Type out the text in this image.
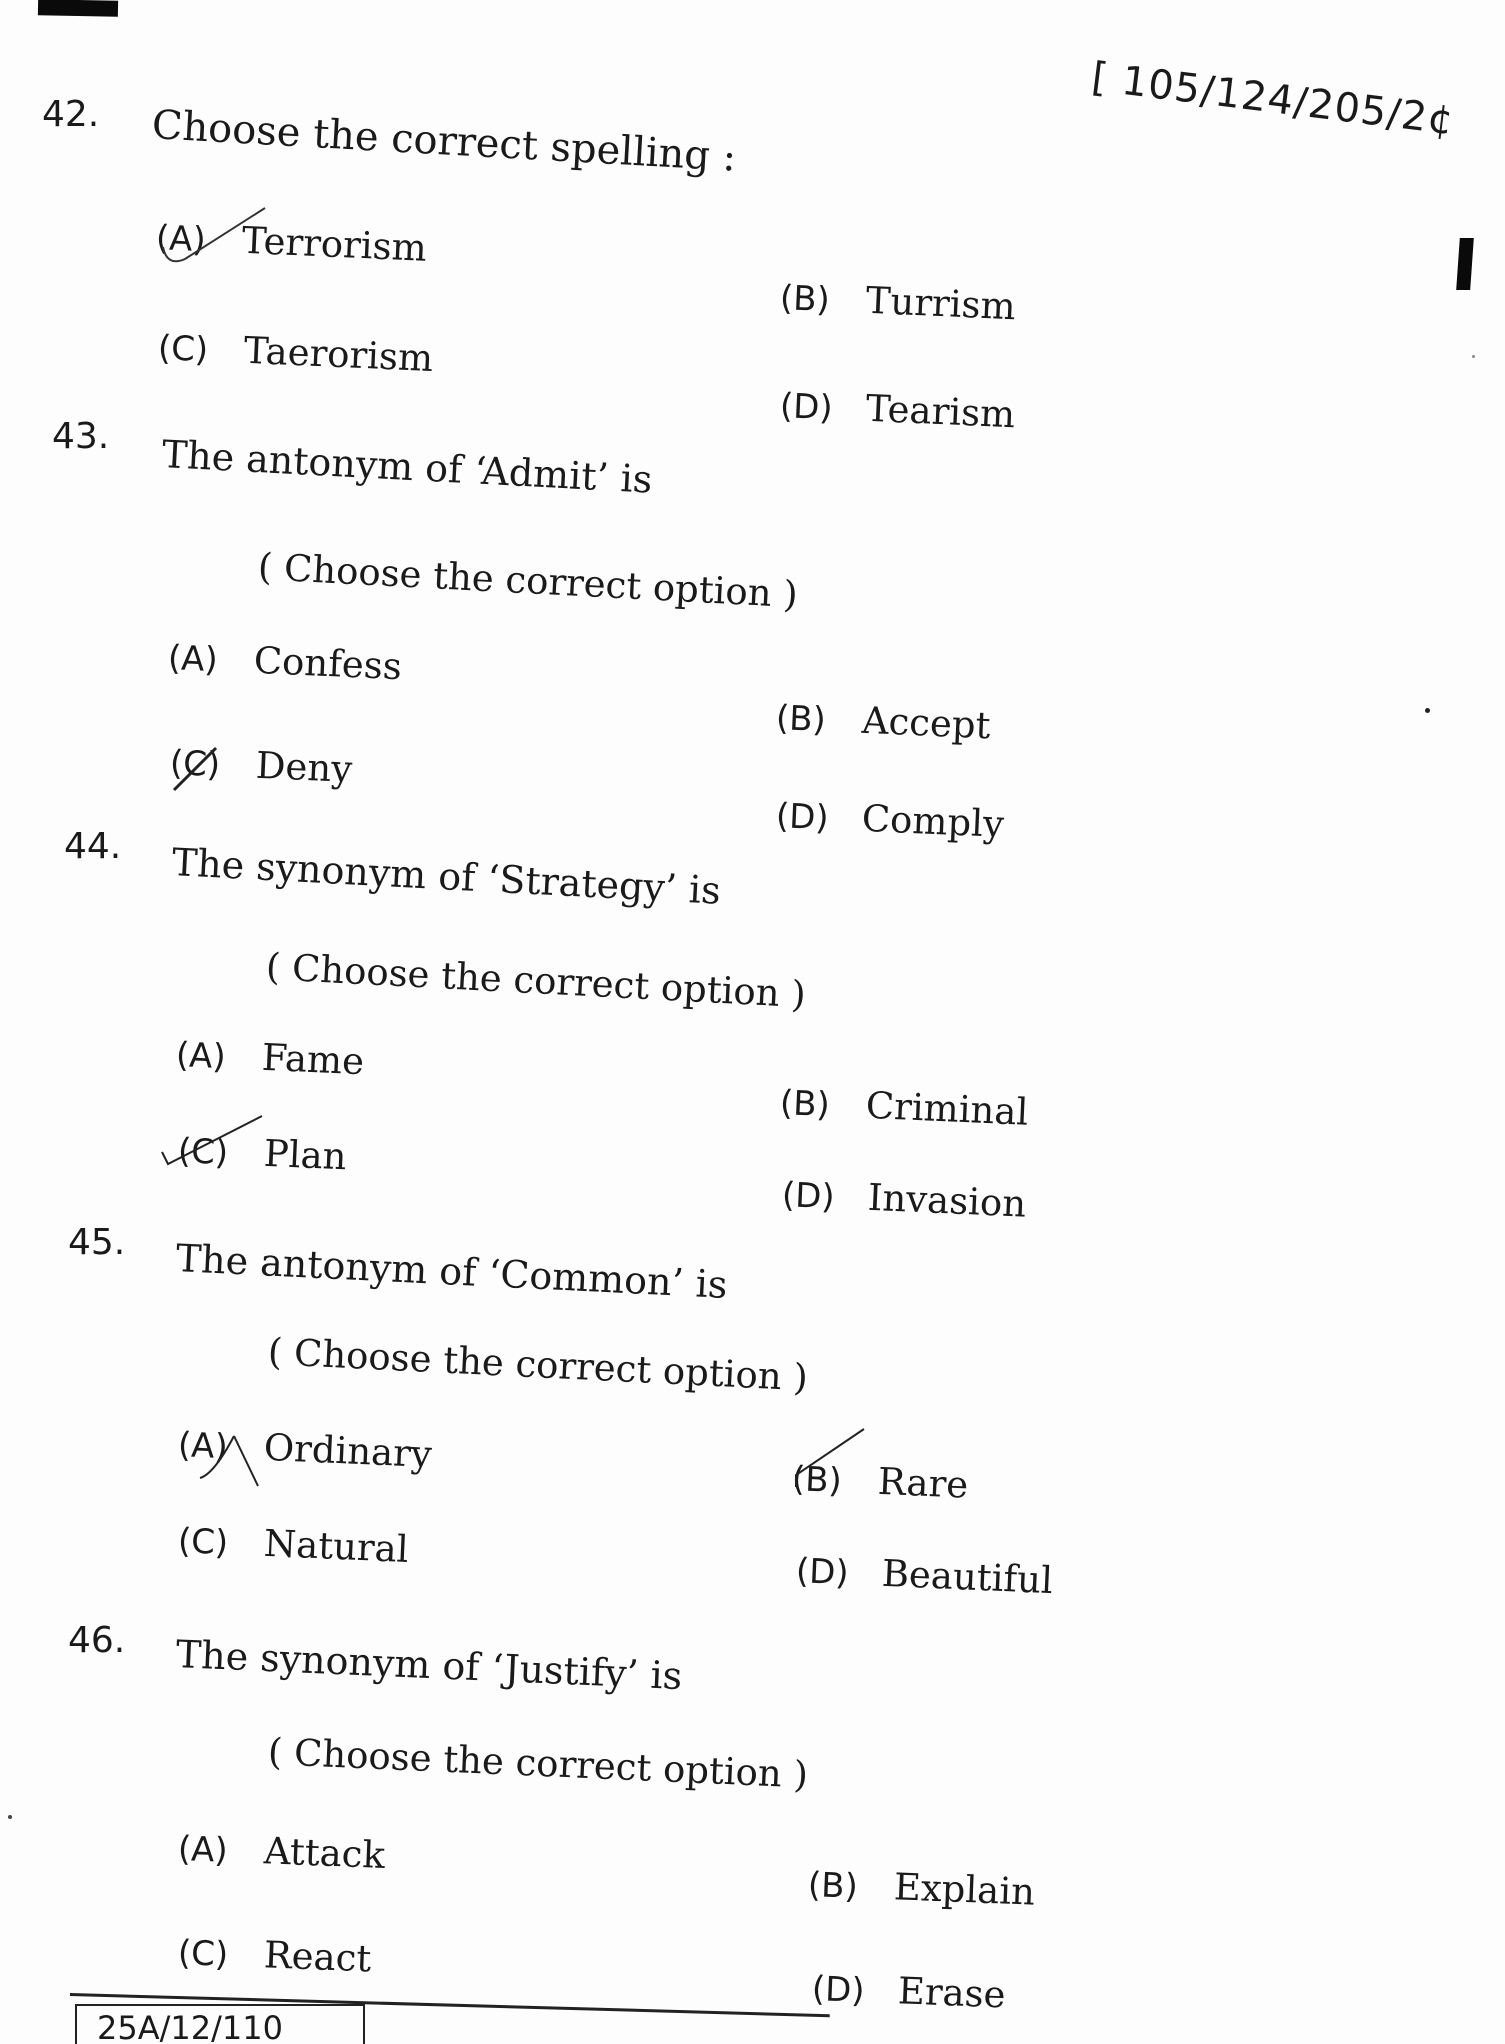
[ 105/124/205/2¢
42. Choose the correct spelling :
(A) Terrorism
(B) Turrism
(C) Taerorism
(D) Tearism
43. The antonym of ‘Admit’ is
( Choose the correct option )
(A) Confess
(B) Accept
(C) Deny
(D) Comply
44. The synonym of ‘Strategy’ is
( Choose the correct option )
(A) Fame
(B) Criminal
(C) Plan
(D) Invasion
45. The antonym of ‘Common’ is
( Choose the correct option )
(A) Ordinary
(B) Rare
(C) Natural
(D) Beautiful
46. The synonym of ‘Justify’ is
( Choose the correct option )
(A) Attack
(B) Explain
(C) React
(D) Erase
25A/12/110
